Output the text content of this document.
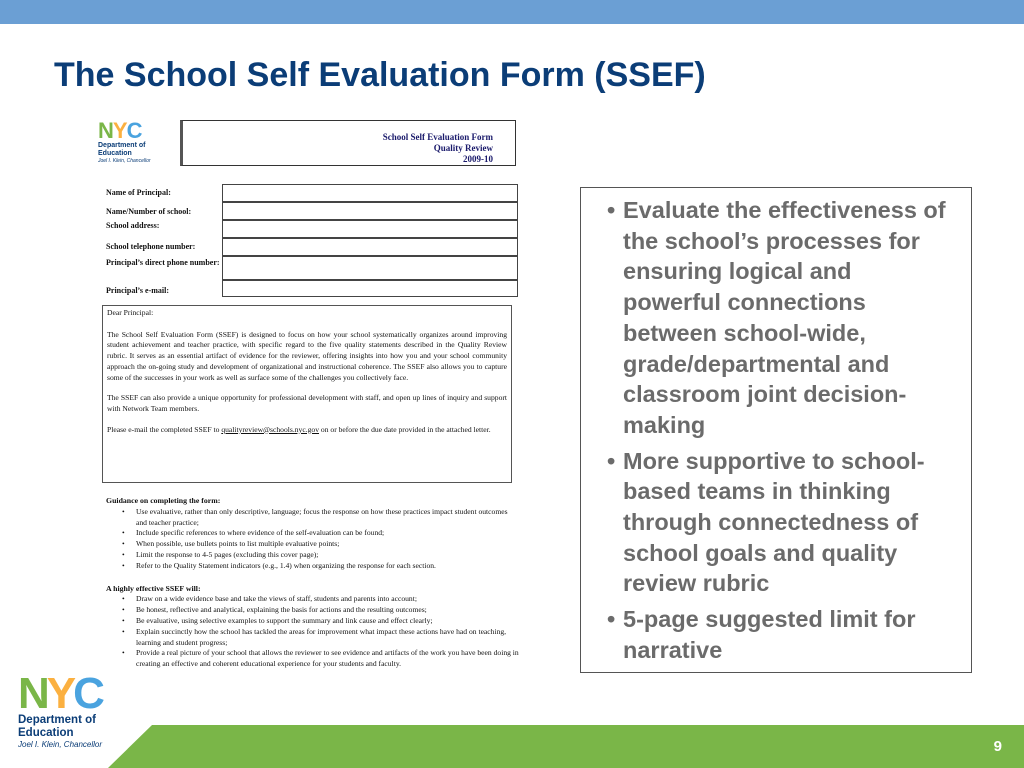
The School Self Evaluation Form (SSEF)
NYC
Department of
Education
Joel I. Klein, Chancellor
School Self Evaluation Form
Quality Review
2009-10
Name of Principal:
Name/Number of school:
School address:
School telephone number:
Principal’s direct phone number:
Principal’s e-mail:

Dear Principal:

The School Self Evaluation Form (SSEF) is designed to focus on how your school systematically organizes around improving student achievement and teacher practice, with specific regard to the five quality statements described in the Quality Review rubric. It serves as an essential artifact of evidence for the reviewer, offering insights into how you and your school community approach the on-going study and development of organizational and instructional coherence. The SSEF also allows you to capture some of the successes in your work as well as surface some of the challenges you collectively face.

The SSEF can also provide a unique opportunity for professional development with staff, and open up lines of inquiry and support with Network Team members.

Please e-mail the completed SSEF to qualityreview@schools.nyc.gov on or before the due date provided in the attached letter.

Guidance on completing the form:
• Use evaluative, rather than only descriptive, language; focus the response on how these practices impact student outcomes and teacher practice;
• Include specific references to where evidence of the self-evaluation can be found;
• When possible, use bullets points to list multiple evaluative points;
• Limit the response to 4-5 pages (excluding this cover page);
• Refer to the Quality Statement indicators (e.g., 1.4) when organizing the response for each section.
A highly effective SSEF will:
• Draw on a wide evidence base and take the views of staff, students and parents into account;
• Be honest, reflective and analytical, explaining the basis for actions and the resulting outcomes;
• Be evaluative, using selective examples to support the summary and link cause and effect clearly;
• Explain succinctly how the school has tackled the areas for improvement what impact these actions have had on teaching, learning and student progress;
• Provide a real picture of your school that allows the reviewer to see evidence and artifacts of the work you have been doing in creating an effective and coherent educational experience for your students and faculty.
• Evaluate the effectiveness of the school’s processes for ensuring logical and powerful connections between school-wide, grade/departmental and classroom joint decision-making
• More supportive to school-based teams in thinking through connectedness of school goals and quality review rubric
• 5-page suggested limit for narrative
NYC
Department of
Education
Joel I. Klein, Chancellor	9
